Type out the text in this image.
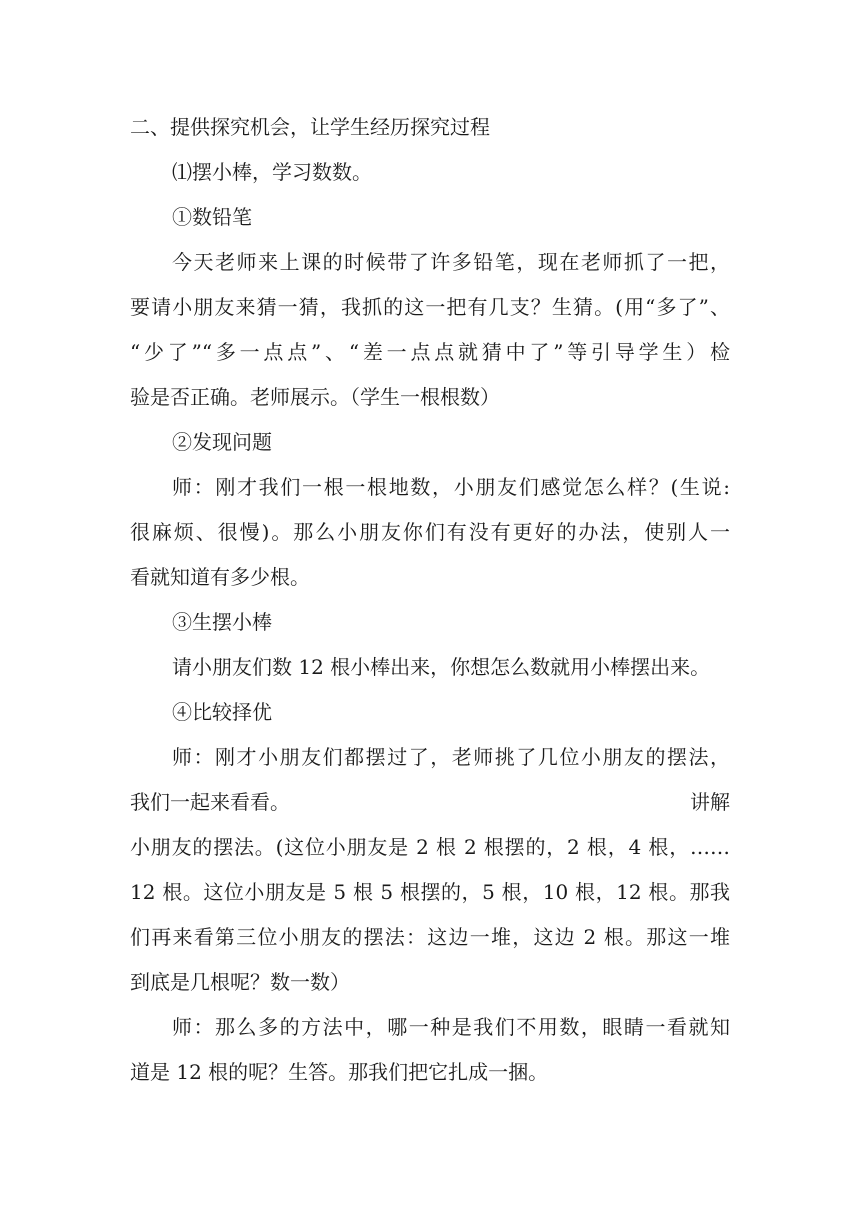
二、提供探究机会，让学生经历探究过程
⑴摆小棒，学习数数。
①数铅笔
今天老师来上课的时候带了许多铅笔，现在老师抓了一把，
要请小朋友来猜一猜，我抓的这一把有几支？生猜。(用“多了”、
“少了”“多一点点”、“差一点点就猜中了”等引导学生）检
验是否正确。老师展示。（学生一根根数）
②发现问题
师：刚才我们一根一根地数，小朋友们感觉怎么样？(生说:
很麻烦、很慢)。那么小朋友你们有没有更好的办法，使别人一
看就知道有多少根。
③生摆小棒
请小朋友们数 12 根小棒出来，你想怎么数就用小棒摆出来。
④比较择优
师：刚才小朋友们都摆过了，老师挑了几位小朋友的摆法，
我们一起来看看。	讲解
小朋友的摆法。(这位小朋友是 2 根 2 根摆的，2 根，4 根，……
12 根。这位小朋友是 5 根 5 根摆的，5 根，10 根，12 根。那我
们再来看第三位小朋友的摆法：这边一堆，这边 2 根。那这一堆
到底是几根呢？数一数）
师：那么多的方法中，哪一种是我们不用数，眼睛一看就知
道是 12 根的呢？生答。那我们把它扎成一捆。
